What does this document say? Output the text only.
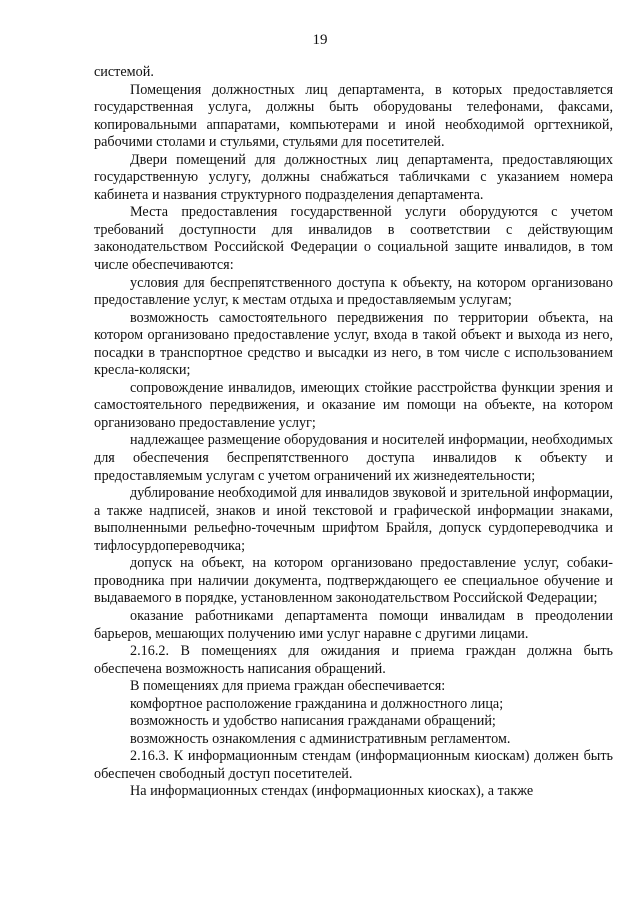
19

системой.

Помещения должностных лиц департамента, в которых предоставляется государственная услуга, должны быть оборудованы телефонами, факсами, копировальными аппаратами, компьютерами и иной необходимой оргтехникой, рабочими столами и стульями, стульями для посетителей.

Двери помещений для должностных лиц департамента, предоставляющих государственную услугу, должны снабжаться табличками с указанием номера кабинета и названия структурного подразделения департамента.

Места предоставления государственной услуги оборудуются с учетом требований доступности для инвалидов в соответствии с действующим законодательством Российской Федерации о социальной защите инвалидов, в том числе обеспечиваются:

условия для беспрепятственного доступа к объекту, на котором организовано предоставление услуг, к местам отдыха и предоставляемым услугам;

возможность самостоятельного передвижения по территории объекта, на котором организовано предоставление услуг, входа в такой объект и выхода из него, посадки в транспортное средство и высадки из него, в том числе с использованием кресла-коляски;

сопровождение инвалидов, имеющих стойкие расстройства функции зрения и самостоятельного передвижения, и оказание им помощи на объекте, на котором организовано предоставление услуг;

надлежащее размещение оборудования и носителей информации, необходимых для обеспечения беспрепятственного доступа инвалидов к объекту и предоставляемым услугам с учетом ограничений их жизнедеятельности;

дублирование необходимой для инвалидов звуковой и зрительной информации, а также надписей, знаков и иной текстовой и графической информации знаками, выполненными рельефно-точечным шрифтом Брайля, допуск сурдопереводчика и тифлосурдопереводчика;

допуск на объект, на котором организовано предоставление услуг, собаки-проводника при наличии документа, подтверждающего ее специальное обучение и выдаваемого в порядке, установленном законодательством Российской Федерации;

оказание работниками департамента помощи инвалидам в преодолении барьеров, мешающих получению ими услуг наравне с другими лицами.

2.16.2. В помещениях для ожидания и приема граждан должна быть обеспечена возможность написания обращений.

В помещениях для приема граждан обеспечивается:

комфортное расположение гражданина и должностного лица;

возможность и удобство написания гражданами обращений;

возможность ознакомления с административным регламентом.

2.16.3. К информационным стендам (информационным киоскам) должен быть обеспечен свободный доступ посетителей.

На информационных стендах (информационных киосках), а также
